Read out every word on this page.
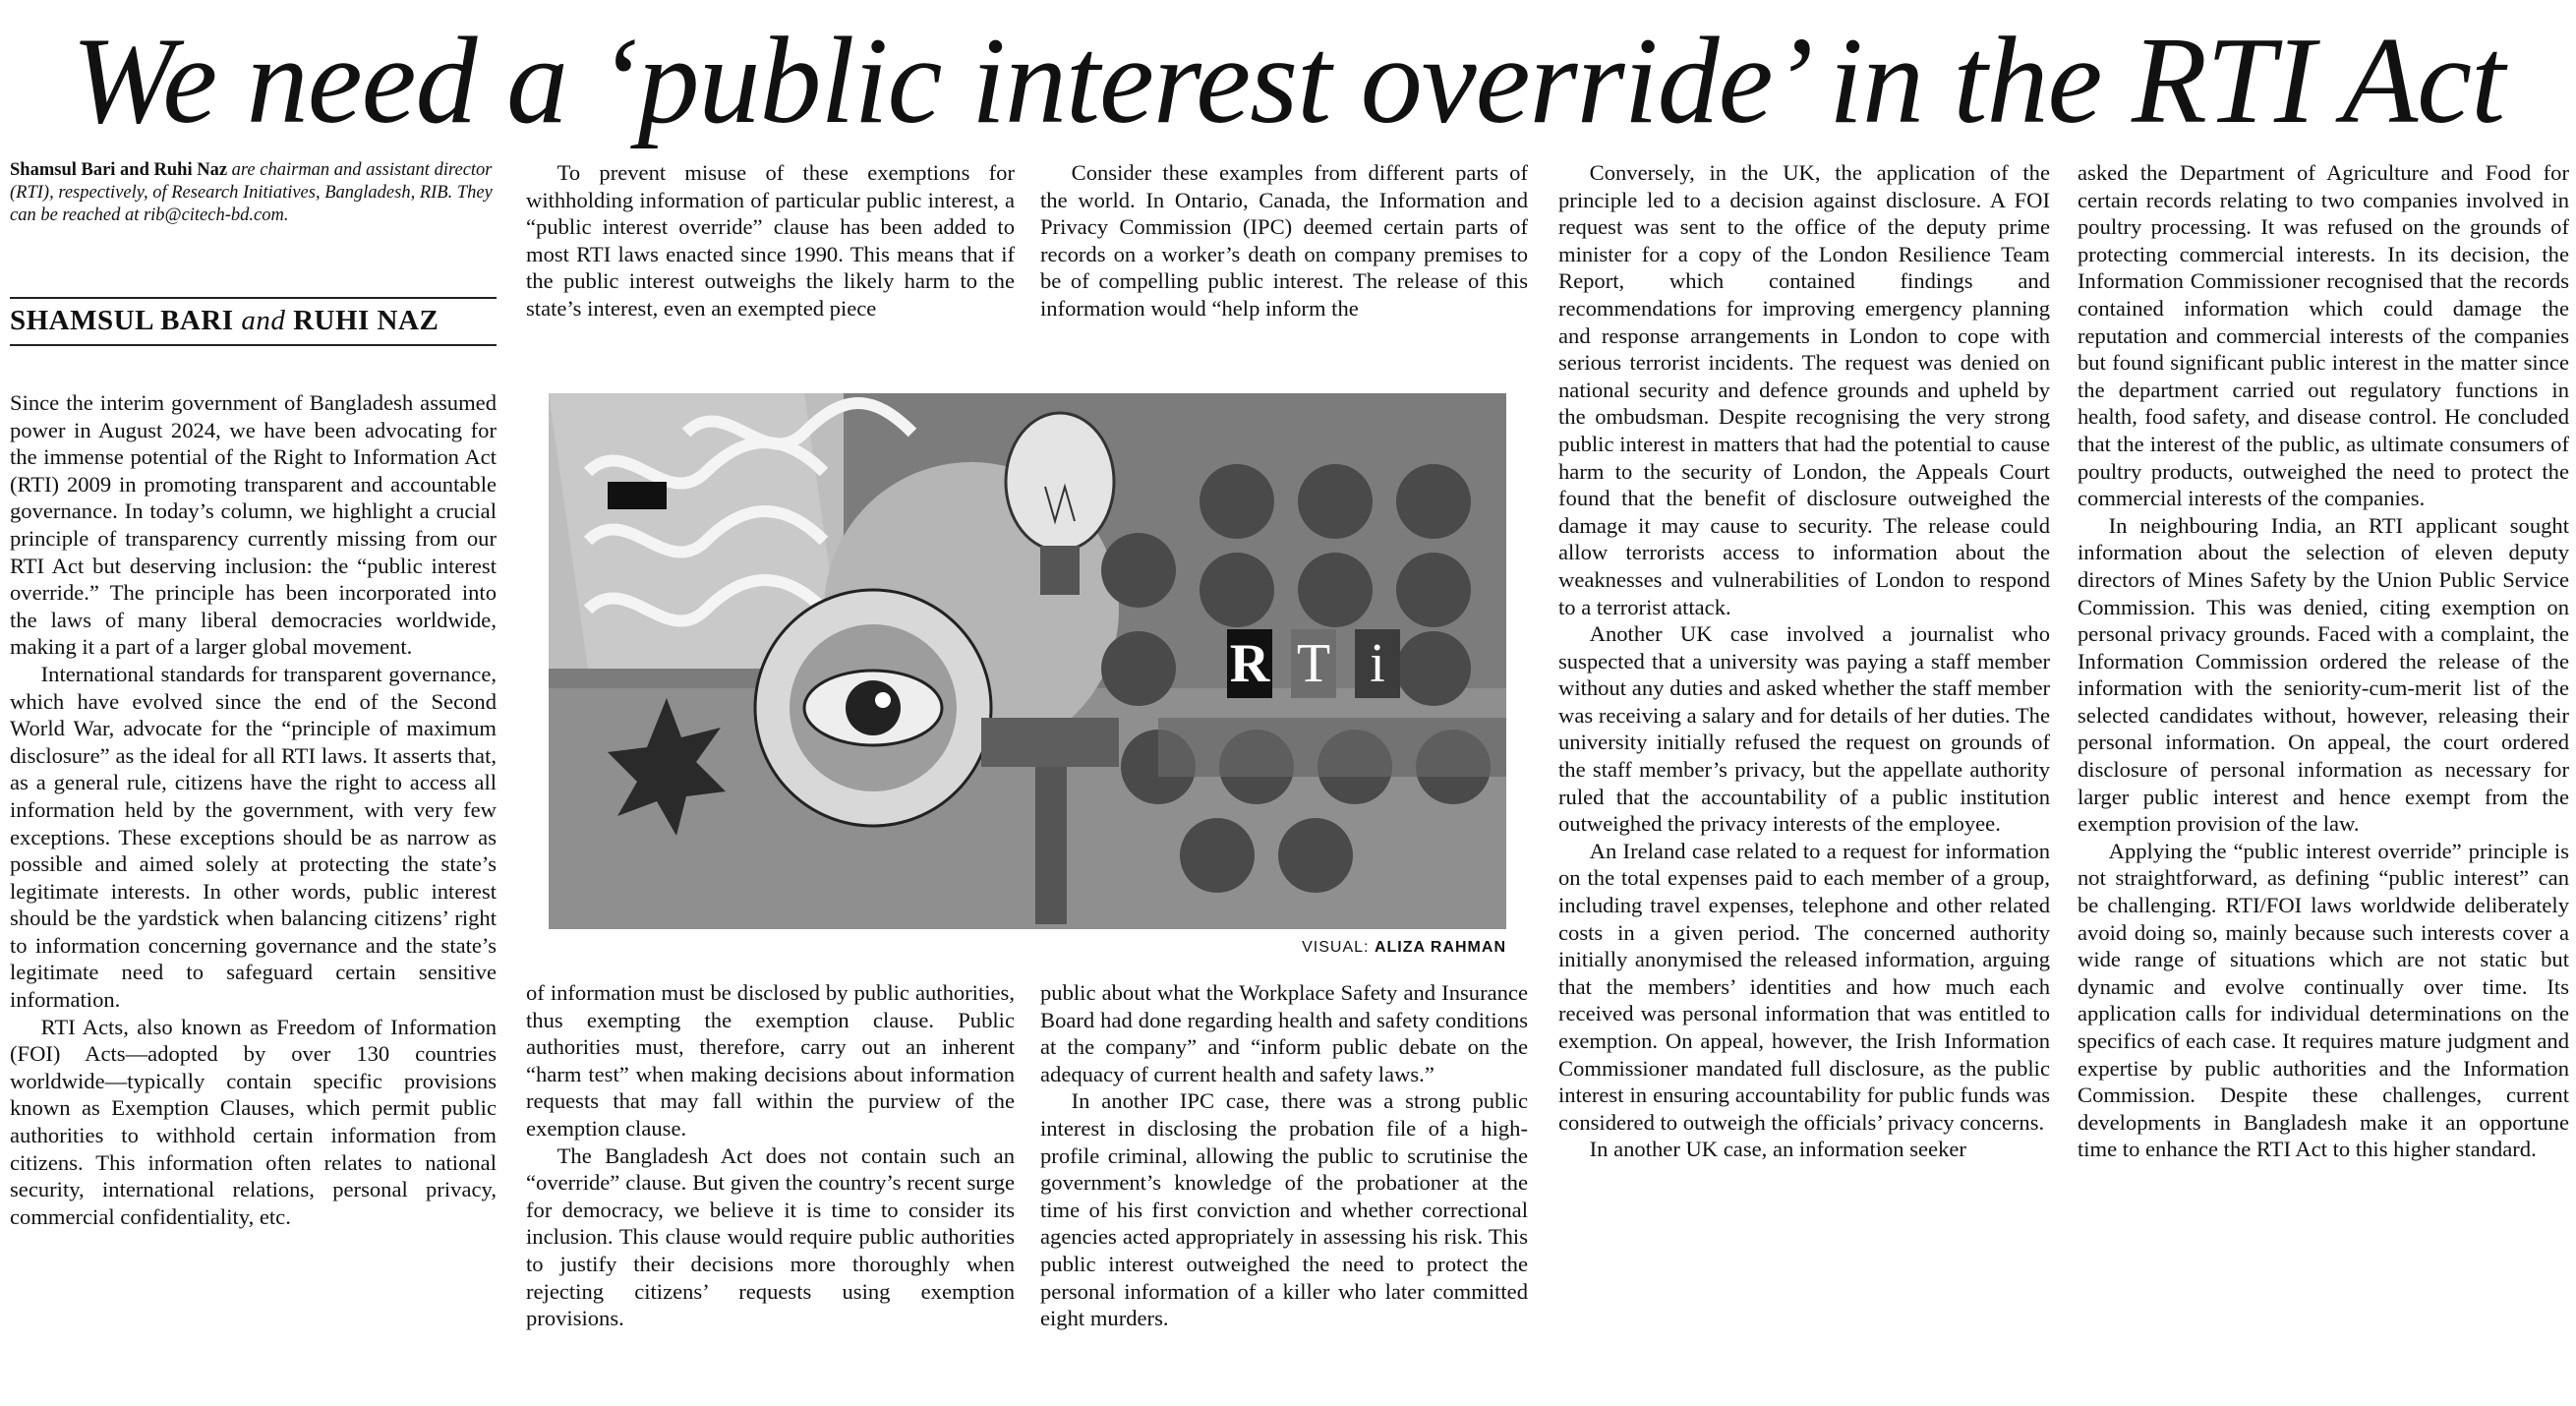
We need a ‘public interest override’ in the RTI Act
Shamsul Bari and Ruhi Naz are chairman and assistant director (RTI), respectively, of Research Initiatives, Bangladesh, RIB. They can be reached at rib@citech-bd.com.
SHAMSUL BARI and RUHI NAZ

Since the interim government of Bangladesh assumed power in August 2024, we have been advocating for the immense potential of the Right to Information Act (RTI) 2009 in promoting transparent and accountable governance. In today’s column, we highlight a crucial principle of transparency currently missing from our RTI Act but deserving inclusion: the “public interest override.” The principle has been incorporated into the laws of many liberal democracies worldwide, making it a part of a larger global movement.

International standards for transparent governance, which have evolved since the end of the Second World War, advocate for the “principle of maximum disclosure” as the ideal for all RTI laws. It asserts that, as a general rule, citizens have the right to access all information held by the government, with very few exceptions. These exceptions should be as narrow as possible and aimed solely at protecting the state’s legitimate interests. In other words, public interest should be the yardstick when balancing citizens’ right to information concerning governance and the state’s legitimate need to safeguard certain sensitive information.

RTI Acts, also known as Freedom of Information (FOI) Acts—adopted by over 130 countries worldwide—typically contain specific provisions known as Exemption Clauses, which permit public authorities to withhold certain information from citizens. This information often relates to national security, international relations, personal privacy, commercial confidentiality, etc.

To prevent misuse of these exemptions for withholding information of particular public interest, a “public interest override” clause has been added to most RTI laws enacted since 1990. This means that if the public interest outweighs the likely harm to the state’s interest, even an exempted piece

Consider these examples from different parts of the world. In Ontario, Canada, the Information and Privacy Commission (IPC) deemed certain parts of records on a worker’s death on company premises to be of compelling public interest. The release of this information would “help inform the

R T i
VISUAL: ALIZA RAHMAN

of information must be disclosed by public authorities, thus exempting the exemption clause. Public authorities must, therefore, carry out an inherent “harm test” when making decisions about information requests that may fall within the purview of the exemption clause.

The Bangladesh Act does not contain such an “override” clause. But given the country’s recent surge for democracy, we believe it is time to consider its inclusion. This clause would require public authorities to justify their decisions more thoroughly when rejecting citizens’ requests using exemption provisions.

public about what the Workplace Safety and Insurance Board had done regarding health and safety conditions at the company” and “inform public debate on the adequacy of current health and safety laws.”

In another IPC case, there was a strong public interest in disclosing the probation file of a high-profile criminal, allowing the public to scrutinise the government’s knowledge of the probationer at the time of his first conviction and whether correctional agencies acted appropriately in assessing his risk. This public interest outweighed the need to protect the personal information of a killer who later committed eight murders.

Conversely, in the UK, the application of the principle led to a decision against disclosure. A FOI request was sent to the office of the deputy prime minister for a copy of the London Resilience Team Report, which contained findings and recommendations for improving emergency planning and response arrangements in London to cope with serious terrorist incidents. The request was denied on national security and defence grounds and upheld by the ombudsman. Despite recognising the very strong public interest in matters that had the potential to cause harm to the security of London, the Appeals Court found that the benefit of disclosure outweighed the damage it may cause to security. The release could allow terrorists access to information about the weaknesses and vulnerabilities of London to respond to a terrorist attack.

Another UK case involved a journalist who suspected that a university was paying a staff member without any duties and asked whether the staff member was receiving a salary and for details of her duties. The university initially refused the request on grounds of the staff member’s privacy, but the appellate authority ruled that the accountability of a public institution outweighed the privacy interests of the employee.

An Ireland case related to a request for information on the total expenses paid to each member of a group, including travel expenses, telephone and other related costs in a given period. The concerned authority initially anonymised the released information, arguing that the members’ identities and how much each received was personal information that was entitled to exemption. On appeal, however, the Irish Information Commissioner mandated full disclosure, as the public interest in ensuring accountability for public funds was considered to outweigh the officials’ privacy concerns.

In another UK case, an information seeker

asked the Department of Agriculture and Food for certain records relating to two companies involved in poultry processing. It was refused on the grounds of protecting commercial interests. In its decision, the Information Commissioner recognised that the records contained information which could damage the reputation and commercial interests of the companies but found significant public interest in the matter since the department carried out regulatory functions in health, food safety, and disease control. He concluded that the interest of the public, as ultimate consumers of poultry products, outweighed the need to protect the commercial interests of the companies.

In neighbouring India, an RTI applicant sought information about the selection of eleven deputy directors of Mines Safety by the Union Public Service Commission. This was denied, citing exemption on personal privacy grounds. Faced with a complaint, the Information Commission ordered the release of the information with the seniority-cum-merit list of the selected candidates without, however, releasing their personal information. On appeal, the court ordered disclosure of personal information as necessary for larger public interest and hence exempt from the exemption provision of the law.

Applying the “public interest override” principle is not straightforward, as defining “public interest” can be challenging. RTI/FOI laws worldwide deliberately avoid doing so, mainly because such interests cover a wide range of situations which are not static but dynamic and evolve continually over time. Its application calls for individual determinations on the specifics of each case. It requires mature judgment and expertise by public authorities and the Information Commission. Despite these challenges, current developments in Bangladesh make it an opportune time to enhance the RTI Act to this higher standard.
